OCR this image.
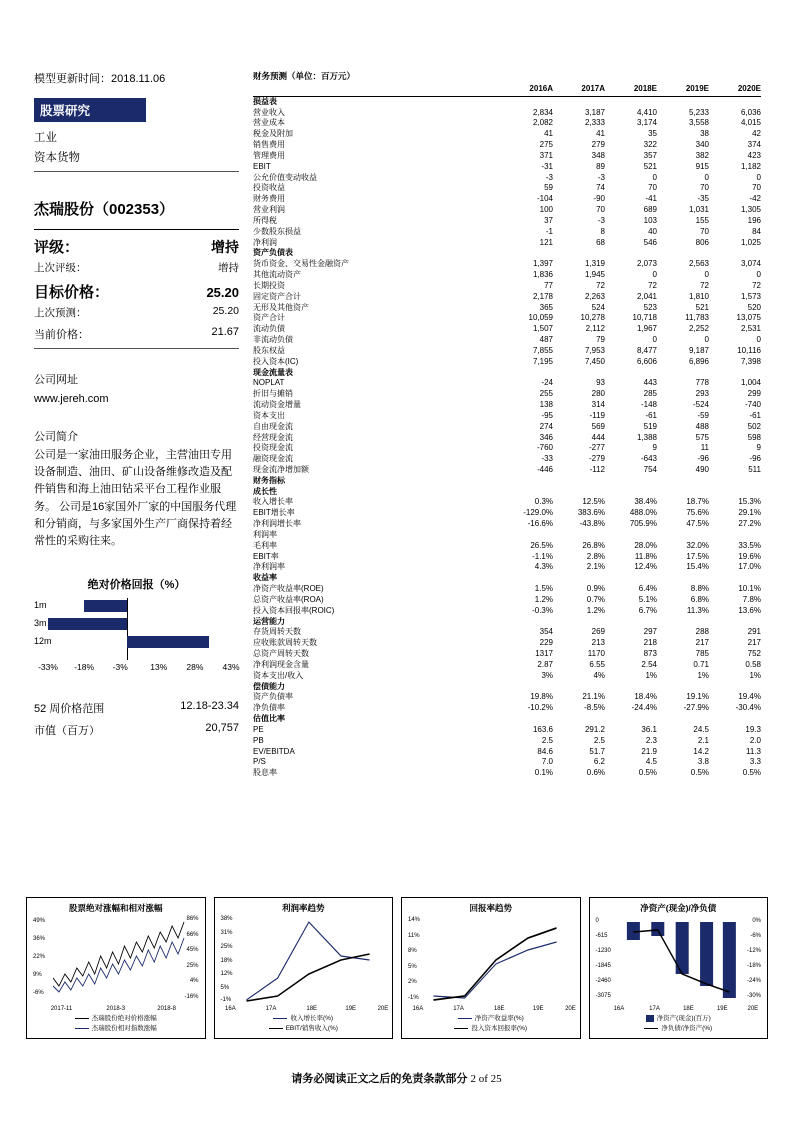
模型更新时间：2018.11.06
股票研究
工业
资本货物
杰瑞股份（002353）
评级：	增持
上次评级：	增持
目标价格：	25.20
上次预测：	25.20
当前价格：	21.67
公司网址
www.jereh.com
公司简介
公司是一家油田服务企业，主营油田专用设备制造、油田、矿山设备维修改造及配件销售和海上油田钻采平台工程作业服务。 公司是16家国外厂家的中国服务代理和分销商，与多家国外生产厂商保持着经常性的采购往来。
绝对价格回报（%）
1m
3m
12m
-33% -18% -3%	13% 28% 43%
52 周价格范围	12.18-23.34
市值（百万）	20,757
财务预测（单位：百万元）
	2016A	2017A	2018E	2019E	2020E
损益表					
营业收入	2,834	3,187	4,410	5,233	6,036
营业成本	2,082	2,333	3,174	3,558	4,015
税金及附加	41	41	35	38	42
销售费用	275	279	322	340	374
管理费用	371	348	357	382	423
EBIT	-31	89	521	915	1,182
公允价值变动收益	-3	-3	0	0	0
投资收益	59	74	70	70	70
财务费用	-104	-90	-41	-35	-42
营业利润	100	70	689	1,031	1,305
所得税	37	-3	103	155	196
少数股东损益	-1	8	40	70	84
净利润	121	68	546	806	1,025
资产负债表					
货币资金、交易性金融资产	1,397	1,319	2,073	2,563	3,074
其他流动资产	1,836	1,945	0	0	0
长期投资	77	72	72	72	72
固定资产合计	2,178	2,263	2,041	1,810	1,573
无形及其他资产	365	524	523	521	520
资产合计	10,059	10,278	10,718	11,783	13,075
流动负债	1,507	2,112	1,967	2,252	2,531
非流动负债	487	79	0	0	0
股东权益	7,855	7,953	8,477	9,187	10,116
投入资本(IC)	7,195	7,450	6,606	6,896	7,398
现金流量表					
NOPLAT	-24	93	443	778	1,004
折旧与摊销	255	280	285	293	299
流动资金增量	138	314	-148	-524	-740
资本支出	-95	-119	-61	-59	-61
自由现金流	274	569	519	488	502
经营现金流	346	444	1,388	575	598
投资现金流	-760	-277	9	11	9
融资现金流	-33	-279	-643	-96	-96
现金流净增加额	-446	-112	754	490	511
财务指标					
成长性					
收入增长率	0.3%	12.5%	38.4%	18.7%	15.3%
EBIT增长率	-129.0%	383.6%	488.0%	75.6%	29.1%
净利润增长率	-16.6%	-43.8%	705.9%	47.5%	27.2%
利润率					
毛利率	26.5%	26.8%	28.0%	32.0%	33.5%
EBIT率	-1.1%	2.8%	11.8%	17.5%	19.6%
净利润率	4.3%	2.1%	12.4%	15.4%	17.0%
收益率					
净资产收益率(ROE)	1.5%	0.9%	6.4%	8.8%	10.1%
总资产收益率(ROA)	1.2%	0.7%	5.1%	6.8%	7.8%
投入资本回报率(ROIC)	-0.3%	1.2%	6.7%	11.3%	13.6%
运营能力					
存货周转天数	354	269	297	288	291
应收账款周转天数	229	213	218	217	217
总资产周转天数	1317	1170	873	785	752
净利润现金含量	2.87	6.55	2.54	0.71	0.58
资本支出/收入	3%	4%	1%	1%	1%
偿债能力					
资产负债率	19.8%	21.1%	18.4%	19.1%	19.4%
净负债率	-10.2%	-8.5%	-24.4%	-27.9%	-30.4%
估值比率					
PE	163.6	291.2	36.1	24.5	19.3
PB	2.5	2.5	2.3	2.1	2.0
EV/EBITDA	84.6	51.7	21.9	14.2	11.3
P/S	7.0	6.2	4.5	3.8	3.3
股息率	0.1%	0.6%	0.5%	0.5%	0.5%
股票绝对涨幅和相对涨幅
49%
36%
22%
9%
-6%
86%
66%
45%
25%
4%
-16%
2017-11	2018-3	2018-8
杰瑞股份绝对价格涨幅
杰瑞股份相对指数涨幅
利润率趋势
38%
31%
25%
18%
12%
5%
-1%
16A	17A	18E	19E	20E
收入增长率(%)
EBIT/销售收入(%)
回报率趋势
14%
11%
8%
5%
2%
-1%
16A	17A	18E	19E	20E
净资产收益率(%)
投入资本回报率(%)
净资产(现金)/净负债
0
-615
-1230
-1845
-2460
-3075
0%
-6%
-12%
-18%
-24%
-30%
16A	17A	18E	19E	20E
净资产(现金)(百万)
净负债/净资产(%)
请务必阅读正文之后的免责条款部分 2 of 25
